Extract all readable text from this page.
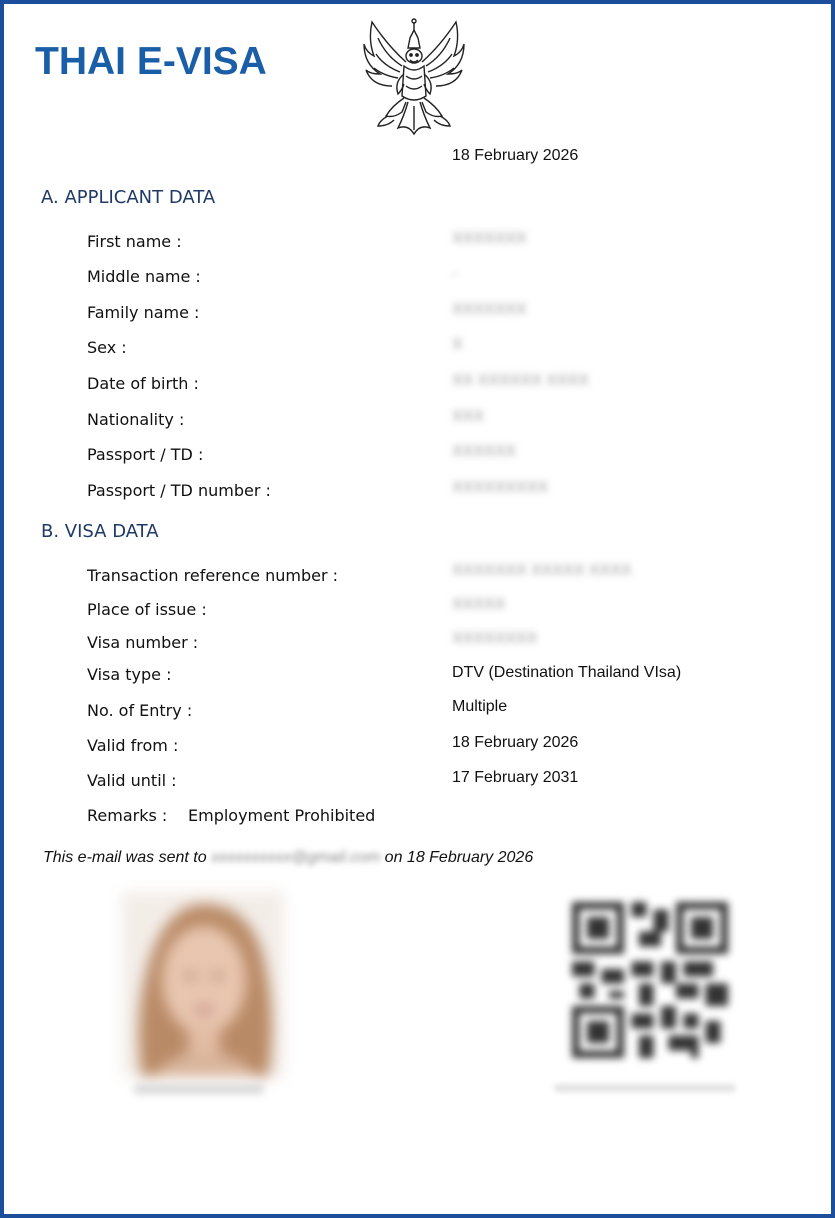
THAI E-VISA
18 February 2026
A. APPLICANT DATA
First name :	XXXXXXX
Middle name :	-
Family name :	XXXXXXX
Sex :	X
Date of birth :	XX XXXXXX XXXX
Nationality :	XXX
Passport / TD :	XXXXXX
Passport / TD number :	XXXXXXXXX
B. VISA DATA
Transaction reference number :	XXXXXXX XXXXX XXXX
Place of issue :	XXXXX
Visa number :	XXXXXXXX
Visa type :	DTV (Destination Thailand VIsa)
No. of Entry :	Multiple
Valid from :	18 February 2026
Valid until :	17 February 2031
Remarks : Employment Prohibited
This e-mail was sent to xxxxxxxxxx@gmail.com on 18 February 2026
